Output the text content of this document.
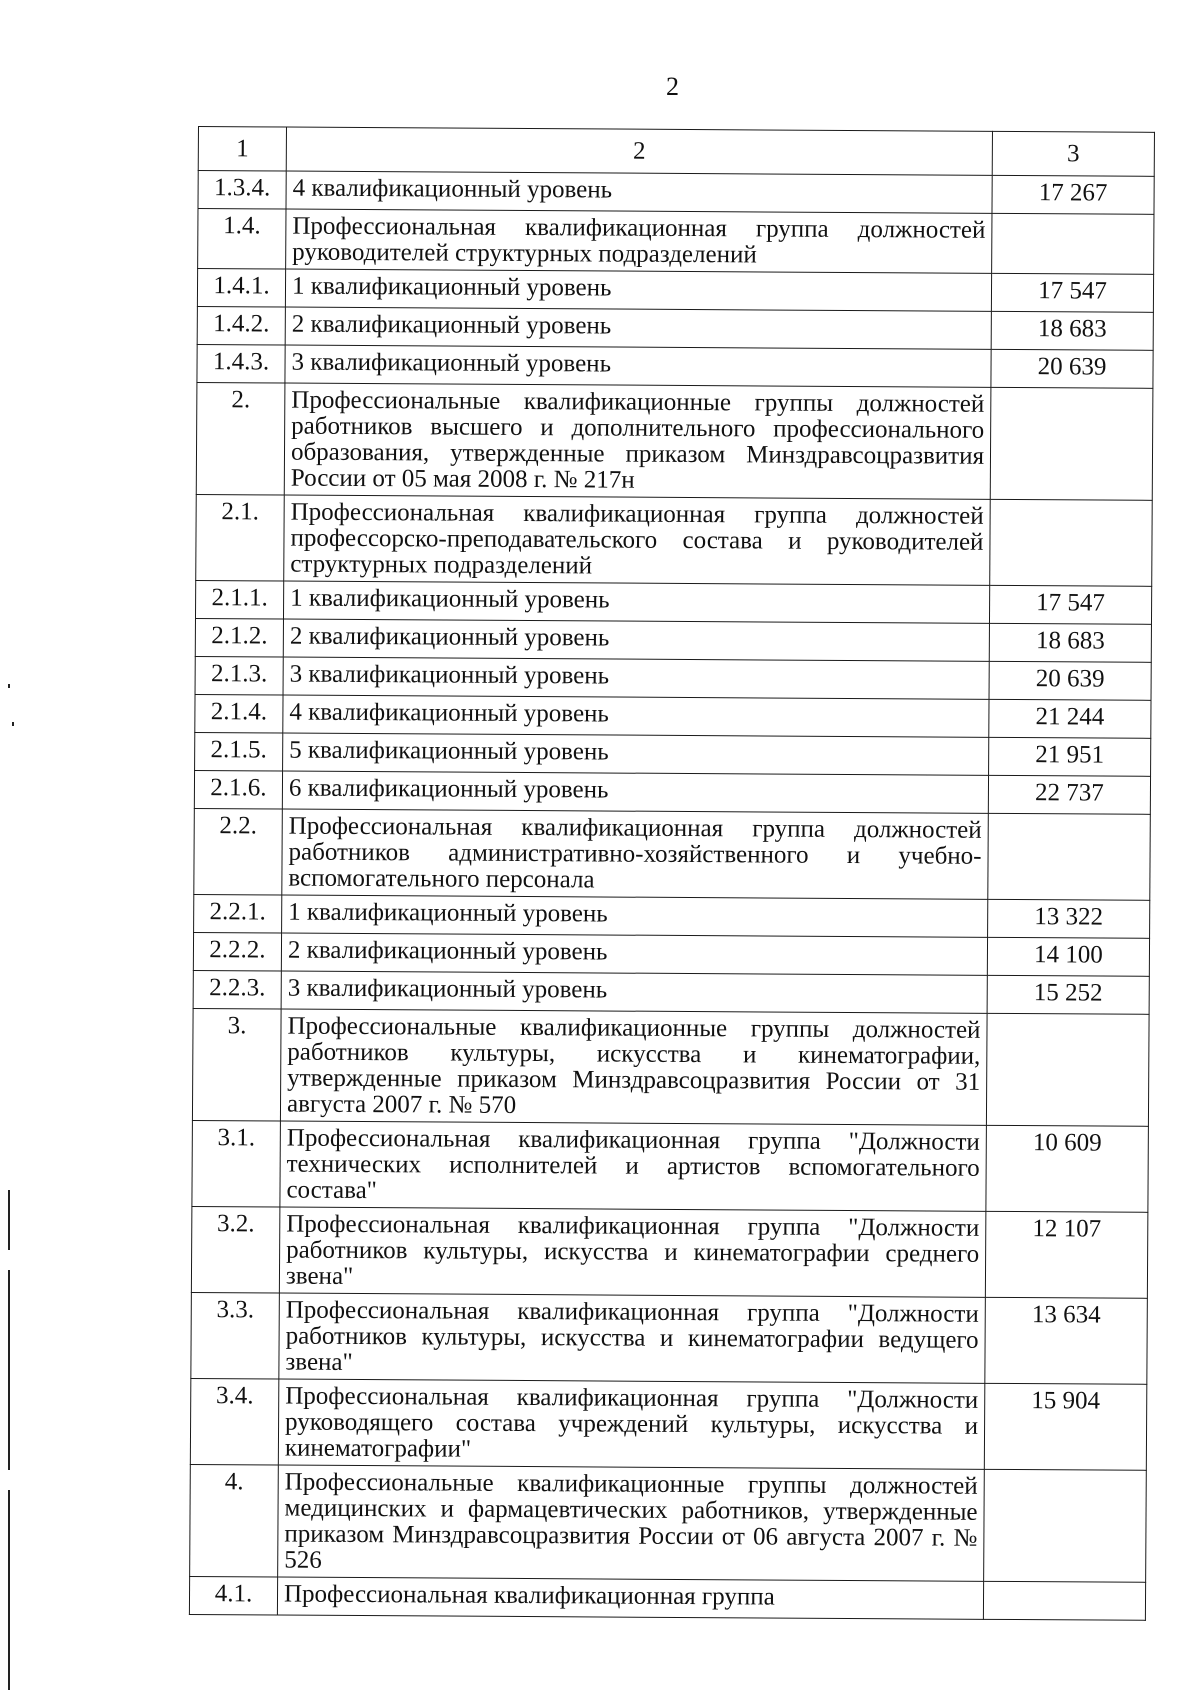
2
1	2	3
1.3.4.	4 квалификационный уровень	17 267
1.4.	Профессиональная квалификационная группа должностей руководителей структурных подразделений	
1.4.1.	1 квалификационный уровень	17 547
1.4.2.	2 квалификационный уровень	18 683
1.4.3.	3 квалификационный уровень	20 639
2.	Профессиональные квалификационные группы должностей работников высшего и дополнительного профессионального образования, утвержденные приказом Минздравсоцразвития России от 05 мая 2008 г. № 217н	
2.1.	Профессиональная квалификационная группа должностей профессорско-преподавательского состава и руководителей структурных подразделений	
2.1.1.	1 квалификационный уровень	17 547
2.1.2.	2 квалификационный уровень	18 683
2.1.3.	3 квалификационный уровень	20 639
2.1.4.	4 квалификационный уровень	21 244
2.1.5.	5 квалификационный уровень	21 951
2.1.6.	6 квалификационный уровень	22 737
2.2.	Профессиональная квалификационная группа должностей работников административно-хозяйственного и учебно-вспомогательного персонала	
2.2.1.	1 квалификационный уровень	13 322
2.2.2.	2 квалификационный уровень	14 100
2.2.3.	3 квалификационный уровень	15 252
3.	Профессиональные квалификационные группы должностей работников культуры, искусства и кинематографии, утвержденные приказом Минздравсоцразвития России от 31 августа 2007 г. № 570	
3.1.	Профессиональная квалификационная группа "Должности технических исполнителей и артистов вспомогательного состава"	10 609
3.2.	Профессиональная квалификационная группа "Должности работников культуры, искусства и кинематографии среднего звена"	12 107
3.3.	Профессиональная квалификационная группа "Должности работников культуры, искусства и кинематографии ведущего звена"	13 634
3.4.	Профессиональная квалификационная группа "Должности руководящего состава учреждений культуры, искусства и кинематографии"	15 904
4.	Профессиональные квалификационные группы должностей медицинских и фармацевтических работников, утвержденные приказом Минздравсоцразвития России от 06 августа 2007 г. № 526	
4.1.	Профессиональная квалификационная группа	
